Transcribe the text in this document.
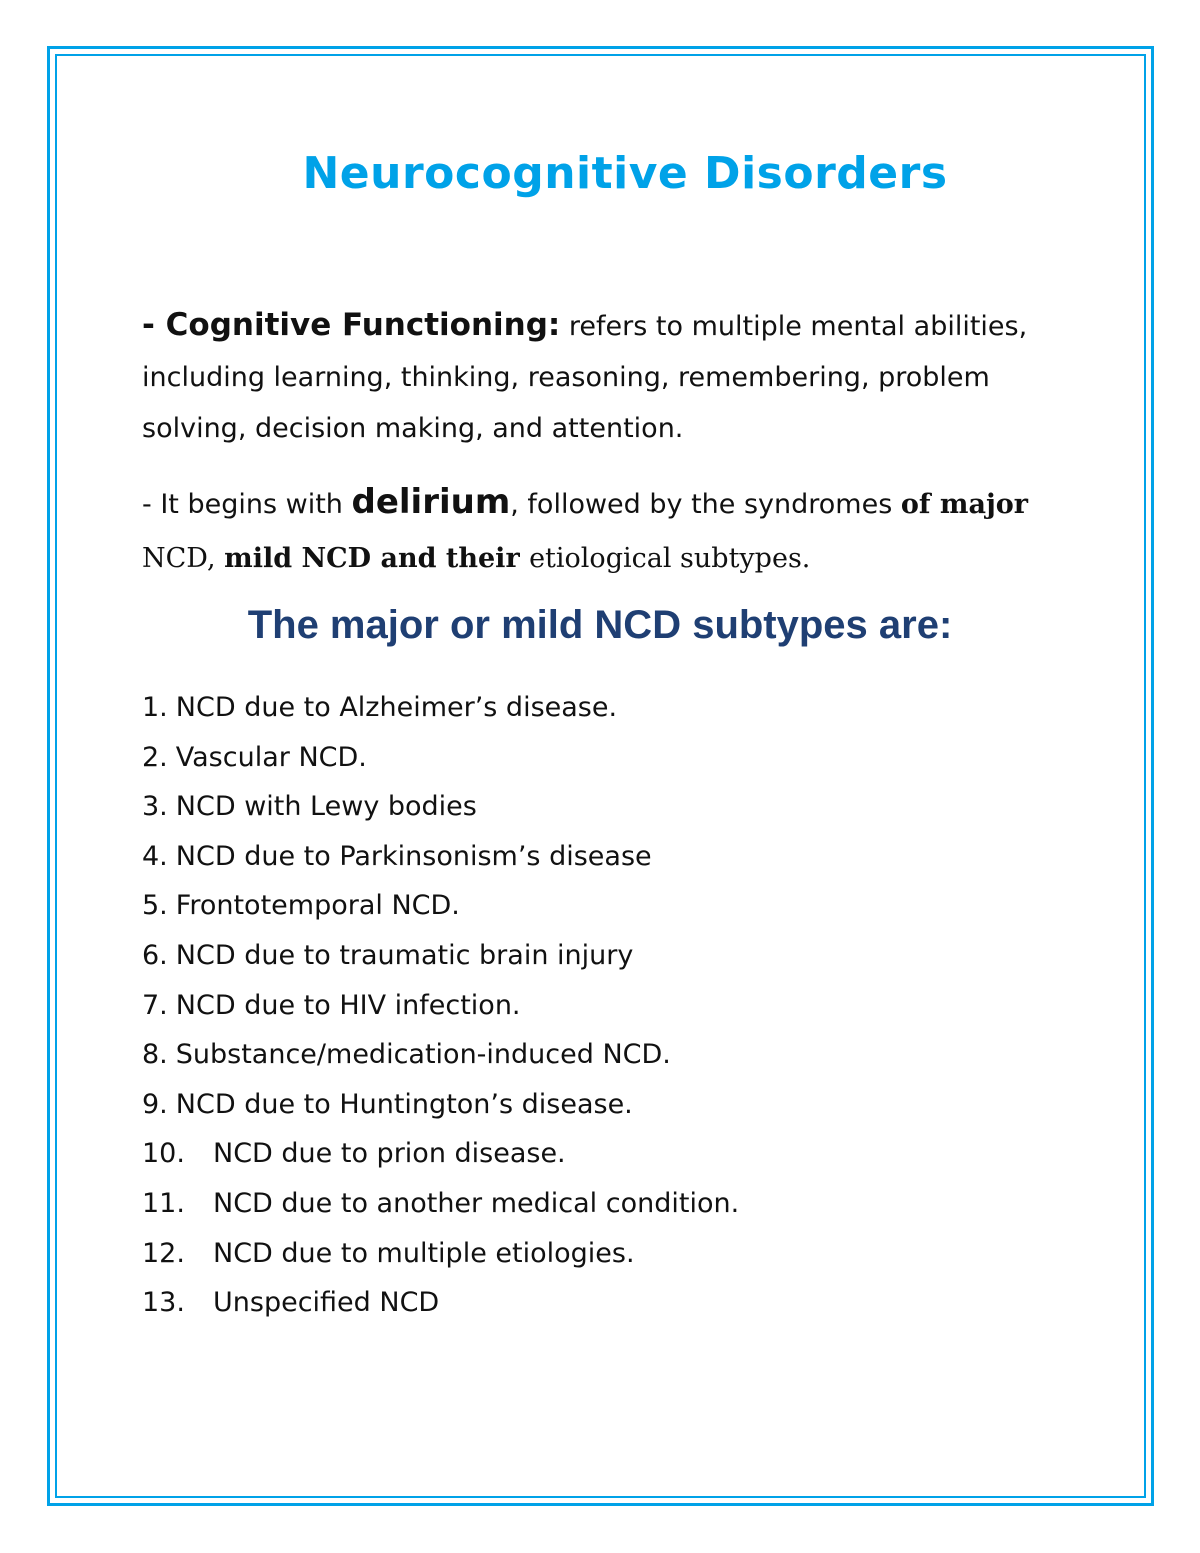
Neurocognitive Disorders
- Cognitive Functioning: refers to multiple mental abilities, including learning, thinking, reasoning, remembering, problem solving, decision making, and attention.
- It begins with delirium, followed by the syndromes of major NCD, mild NCD and their etiological subtypes.
The major or mild NCD subtypes are:
1. NCD due to Alzheimer’s disease.
2. Vascular NCD.
3. NCD with Lewy bodies
4. NCD due to Parkinsonism’s disease
5. Frontotemporal NCD.
6. NCD due to traumatic brain injury
7. NCD due to HIV infection.
8. Substance/medication-induced NCD.
9. NCD due to Huntington’s disease.
10. NCD due to prion disease.
11. NCD due to another medical condition.
12. NCD due to multiple etiologies.
13. Unspecified NCD
